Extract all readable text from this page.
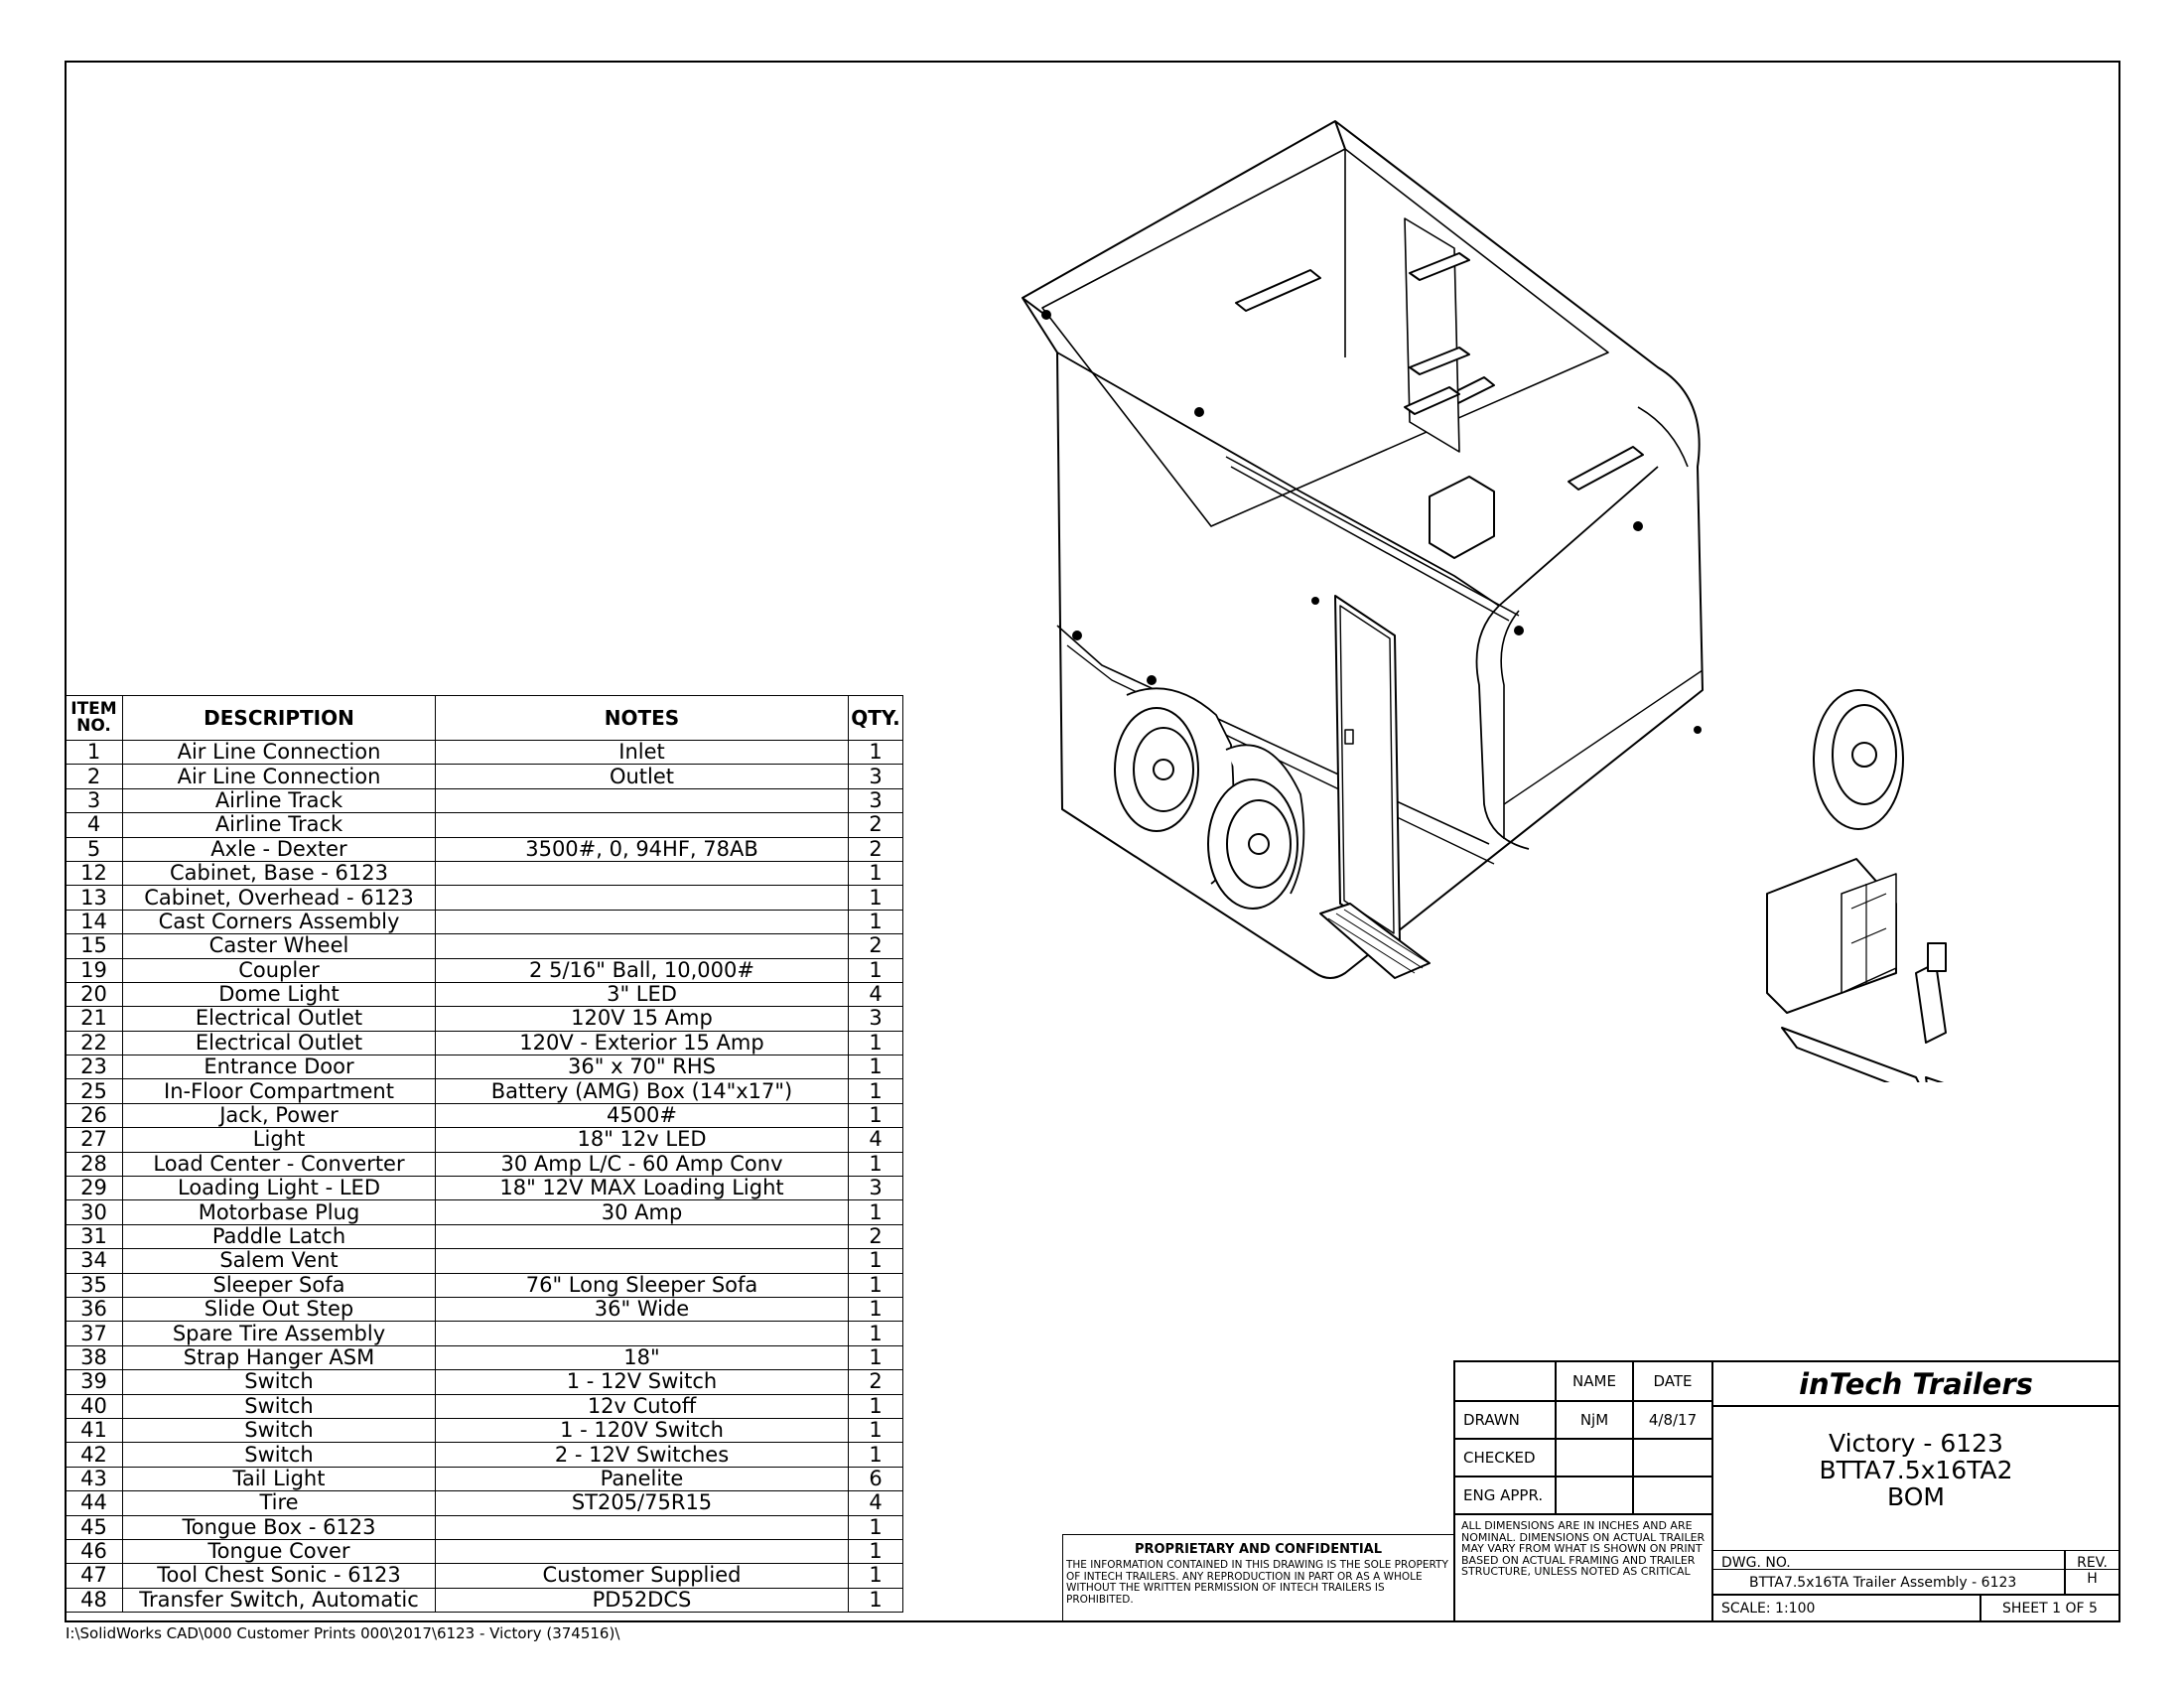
ITEM NO.	DESCRIPTION	NOTES	QTY.
1	Air Line Connection	Inlet	1
2	Air Line Connection	Outlet	3
3	Airline Track		3
4	Airline Track		2
5	Axle - Dexter	3500#, 0, 94HF, 78AB	2
12	Cabinet, Base - 6123		1
13	Cabinet, Overhead - 6123		1
14	Cast Corners Assembly		1
15	Caster Wheel		2
19	Coupler	2 5/16" Ball, 10,000#	1
20	Dome Light	3" LED	4
21	Electrical Outlet	120V 15 Amp	3
22	Electrical Outlet	120V - Exterior 15 Amp	1
23	Entrance Door	36" x 70" RHS	1
25	In-Floor Compartment	Battery (AMG) Box (14"x17")	1
26	Jack, Power	4500#	1
27	Light	18" 12v LED	4
28	Load Center - Converter	30 Amp L/C - 60 Amp Conv	1
29	Loading Light - LED	18" 12V MAX Loading Light	3
30	Motorbase Plug	30 Amp	1
31	Paddle Latch		2
34	Salem Vent		1
35	Sleeper Sofa	76" Long Sleeper Sofa	1
36	Slide Out Step	36" Wide	1
37	Spare Tire Assembly		1
38	Strap Hanger ASM	18"	1
39	Switch	1 - 12V Switch	2
40	Switch	12v Cutoff	1
41	Switch	1 - 120V Switch	1
42	Switch	2 - 12V Switches	1
43	Tail Light	Panelite	6
44	Tire	ST205/75R15	4
45	Tongue Box - 6123		1
46	Tongue Cover		1
47	Tool Chest Sonic - 6123	Customer Supplied	1
48	Transfer Switch, Automatic	PD52DCS	1
I:\SolidWorks CAD\000 Customer Prints 000\2017\6123 - Victory (374516)\
PROPRIETARY AND CONFIDENTIAL
THE INFORMATION CONTAINED IN THIS DRAWING IS THE SOLE PROPERTY OF INTECH TRAILERS. ANY REPRODUCTION IN PART OR AS A WHOLE WITHOUT THE WRITTEN PERMISSION OF INTECH TRAILERS IS PROHIBITED.
NAME	DATE
DRAWN	NjM	4/8/17
CHECKED
ENG APPR.
ALL DIMENSIONS ARE IN INCHES AND ARE NOMINAL. DIMENSIONS ON ACTUAL TRAILER MAY VARY FROM WHAT IS SHOWN ON PRINT BASED ON ACTUAL FRAMING AND TRAILER STRUCTURE, UNLESS NOTED AS CRITICAL
inTech Trailers
Victory - 6123
BTTA7.5x16TA2
BOM
DWG. NO.
BTTA7.5x16TA Trailer Assembly - 6123
REV.
H
SCALE: 1:100	SHEET 1 OF 5
